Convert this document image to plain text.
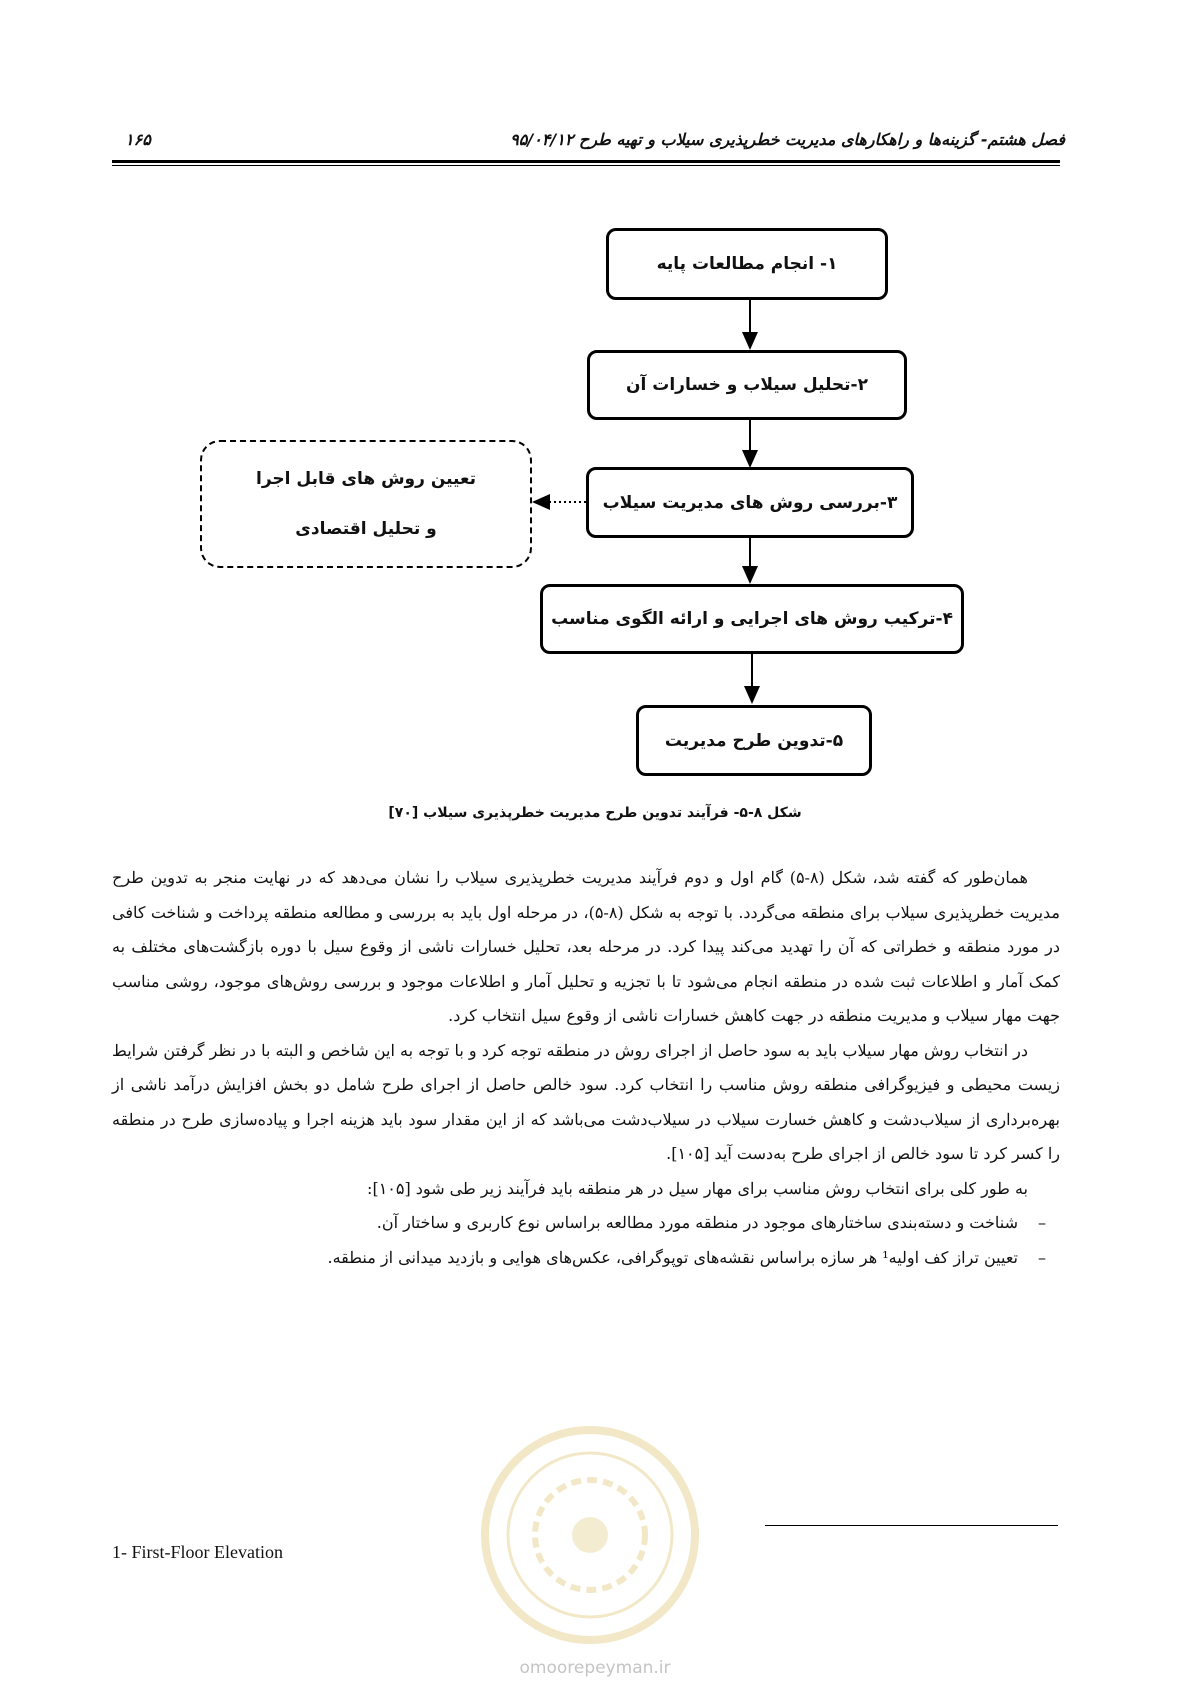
فصل هشتم- گزینه‌ها و راهکارهای مدیریت خطرپذیری سیلاب و تهیه طرح ۹۵/۰۴/۱۲
۱۶۵
۱- انجام مطالعات پایه
۲-تحلیل سیلاب و خسارات آن
۳-بررسی روش های مدیریت سیلاب
۴-ترکیب روش های اجرایی و ارائه الگوی مناسب
۵-تدوین طرح مدیریت
تعیین روش های قابل اجرا
و تحلیل اقتصادی
شکل ۸-۵- فرآیند تدوین طرح مدیریت خطرپذیری سیلاب [۷۰]

همان‌طور که گفته شد، شکل (۸-۵) گام اول و دوم فرآیند مدیریت خطرپذیری سیلاب را نشان می‌دهد که در نهایت منجر به تدوین طرح مدیریت خطرپذیری سیلاب برای منطقه می‌گردد. با توجه به شکل (۸-۵)، در مرحله اول باید به بررسی و مطالعه منطقه پرداخت و شناخت کافی در مورد منطقه و خطراتی که آن را تهدید می‌کند پیدا کرد. در مرحله بعد، تحلیل خسارات ناشی از وقوع سیل با دوره بازگشت‌های مختلف به کمک آمار و اطلاعات ثبت شده در منطقه انجام می‌شود تا با تجزیه و تحلیل آمار و اطلاعات موجود و بررسی روش‌های موجود، روشی مناسب جهت مهار سیلاب و مدیریت منطقه در جهت کاهش خسارات ناشی از وقوع سیل انتخاب کرد.

در انتخاب روش مهار سیلاب باید به سود حاصل از اجرای روش در منطقه توجه کرد و با توجه به این شاخص و البته با در نظر گرفتن شرایط زیست محیطی و فیزیوگرافی منطقه روش مناسب را انتخاب کرد. سود خالص حاصل از اجرای طرح شامل دو بخش افزایش درآمد ناشی از بهره‌برداری از سیلاب‌دشت و کاهش خسارت سیلاب در سیلاب‌دشت می‌باشد که از این مقدار سود باید هزینه اجرا و پیاده‌سازی طرح در منطقه را کسر کرد تا سود خالص از اجرای طرح به‌دست آید [۱۰۵].

به طور کلی برای انتخاب روش مناسب برای مهار سیل در هر منطقه باید فرآیند زیر طی شود [۱۰۵]:

–شناخت و دسته‌بندی ساختارهای موجود در منطقه مورد مطالعه براساس نوع کاربری و ساختار آن.

–تعیین تراز کف اولیه¹ هر سازه براساس نقشه‌های توپوگرافی، عکس‌های هوایی و بازدید میدانی از منطقه.

1- First-Floor Elevation
omoorepeyman.ir
